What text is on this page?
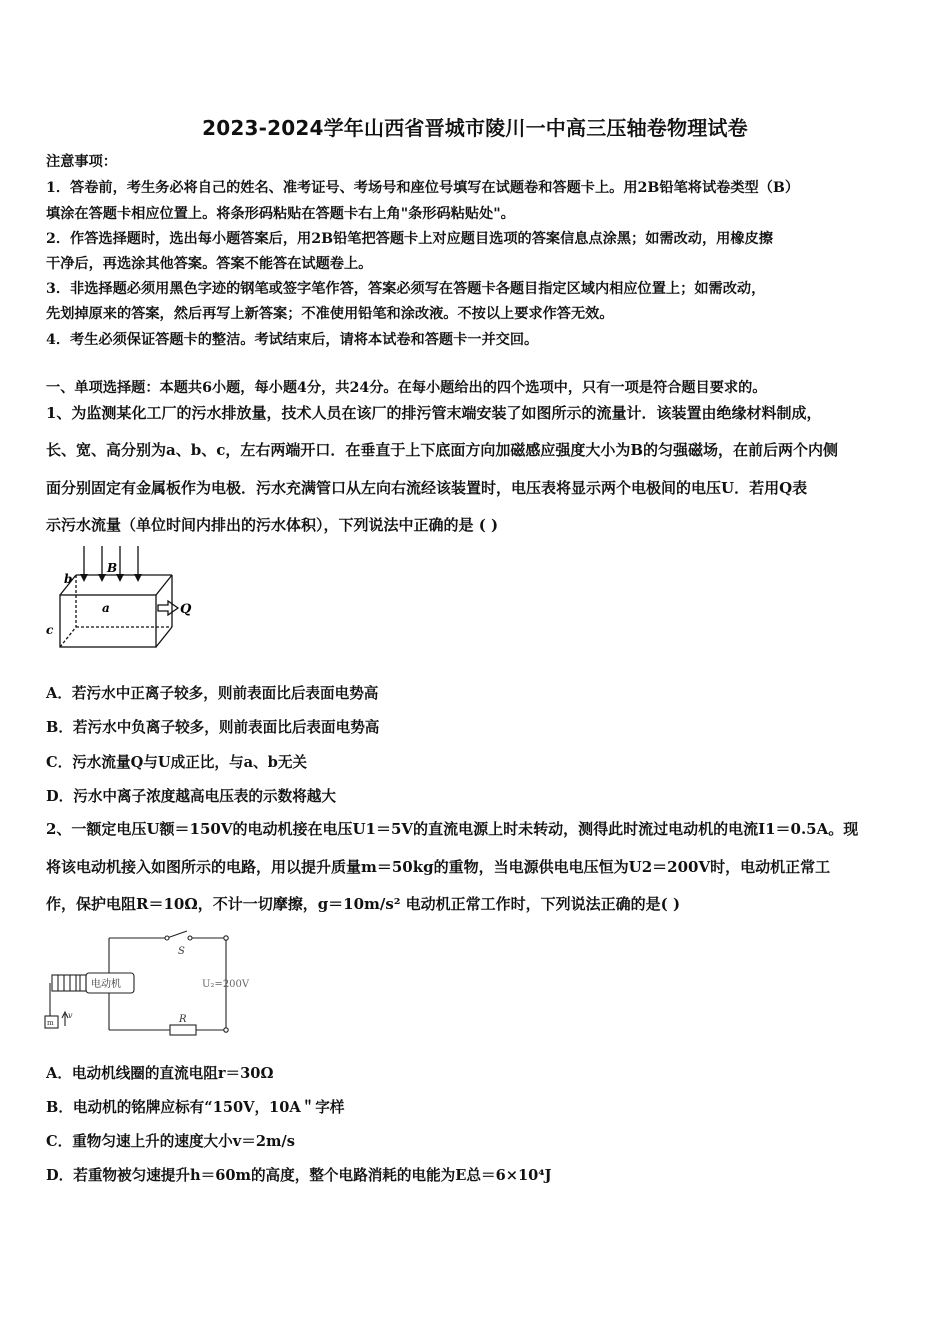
2023-2024学年山西省晋城市陵川一中高三压轴卷物理试卷
注意事项：
1．答卷前，考生务必将自己的姓名、准考证号、考场号和座位号填写在试题卷和答题卡上。用2B铅笔将试卷类型（B）
填涂在答题卡相应位置上。将条形码粘贴在答题卡右上角"条形码粘贴处"。
2．作答选择题时，选出每小题答案后，用2B铅笔把答题卡上对应题目选项的答案信息点涂黑；如需改动，用橡皮擦
干净后，再选涂其他答案。答案不能答在试题卷上。
3．非选择题必须用黑色字迹的钢笔或签字笔作答，答案必须写在答题卡各题目指定区域内相应位置上；如需改动，
先划掉原来的答案，然后再写上新答案；不准使用铅笔和涂改液。不按以上要求作答无效。
4．考生必须保证答题卡的整洁。考试结束后，请将本试卷和答题卡一并交回。
一、单项选择题：本题共6小题，每小题4分，共24分。在每小题给出的四个选项中，只有一项是符合题目要求的。
1、为监测某化工厂的污水排放量，技术人员在该厂的排污管末端安装了如图所示的流量计．该装置由绝缘材料制成，
长、宽、高分别为a、b、c，左右两端开口．在垂直于上下底面方向加磁感应强度大小为B的匀强磁场，在前后两个内侧
面分别固定有金属板作为电极．污水充满管口从左向右流经该装置时，电压表将显示两个电极间的电压U．若用Q表
示污水流量（单位时间内排出的污水体积），下列说法中正确的是 ( )
b
B
a
c
Q
A．若污水中正离子较多，则前表面比后表面电势高
B．若污水中负离子较多，则前表面比后表面电势高
C．污水流量Q与U成正比，与a、b无关
D．污水中离子浓度越高电压表的示数将越大
2、一额定电压U额＝150V的电动机接在电压U1＝5V的直流电源上时未转动，测得此时流过电动机的电流I1＝0.5A。现
将该电动机接入如图所示的电路，用以提升质量m＝50kg的重物，当电源供电电压恒为U2＝200V时，电动机正常工
作，保护电阻R＝10Ω，不计一切摩擦，g＝10m/s² 电动机正常工作时，下列说法正确的是( )
S
电动机	U₂=200V
R
m
v
A．电动机线圈的直流电阻r＝30Ω
B．电动机的铭牌应标有“150V，10A＂字样
C．重物匀速上升的速度大小v＝2m/s
D．若重物被匀速提升h＝60m的高度，整个电路消耗的电能为E总＝6×10⁴J
